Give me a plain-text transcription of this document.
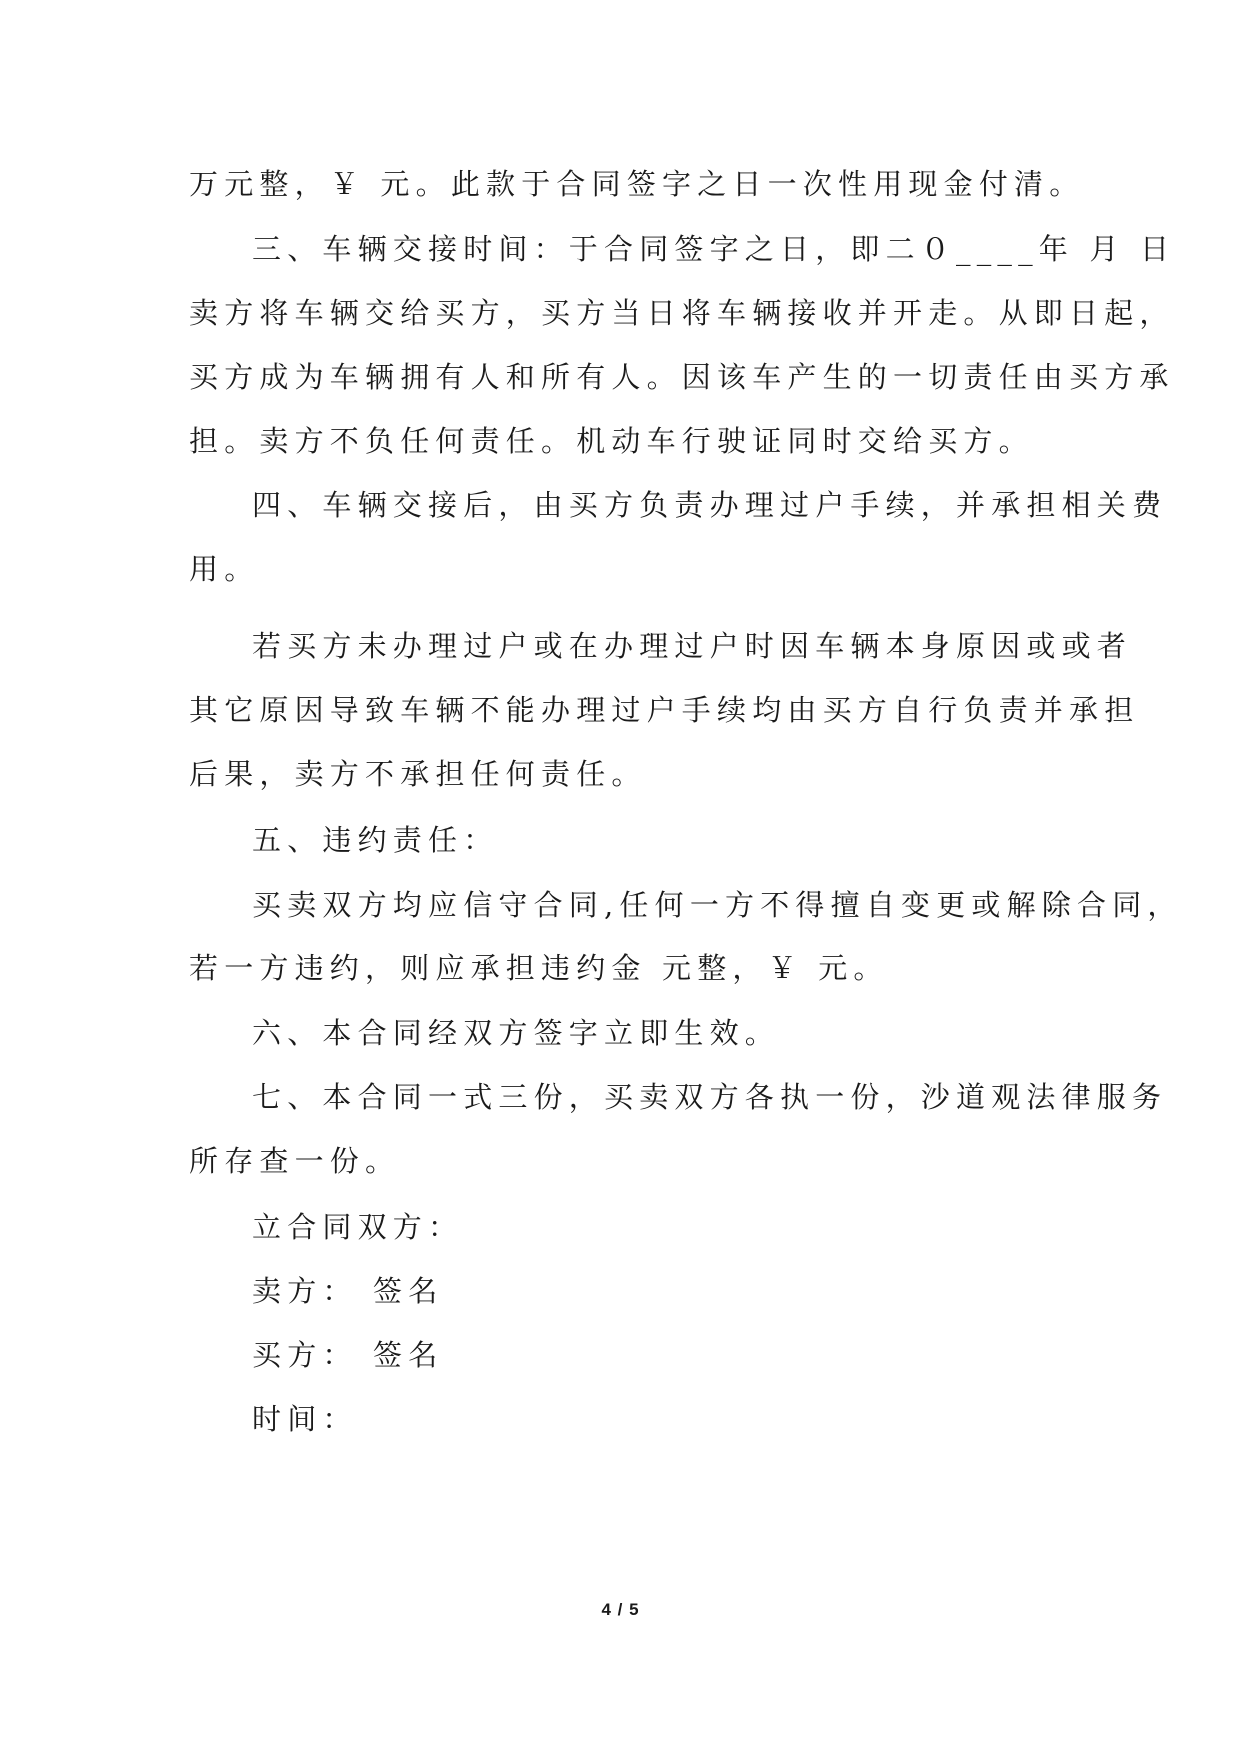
万元整，￥ 元。此款于合同签字之日一次性用现金付清。
三、车辆交接时间：于合同签字之日，即二０____年 月 日
卖方将车辆交给买方，买方当日将车辆接收并开走。从即日起，
买方成为车辆拥有人和所有人。因该车产生的一切责任由买方承
担。卖方不负任何责任。机动车行驶证同时交给买方。
四、车辆交接后，由买方负责办理过户手续，并承担相关费
用。
若买方未办理过户或在办理过户时因车辆本身原因或或者
其它原因导致车辆不能办理过户手续均由买方自行负责并承担
后果，卖方不承担任何责任。
五、违约责任：
买卖双方均应信守合同,任何一方不得擅自变更或解除合同，
若一方违约，则应承担违约金 元整，￥ 元。
六、本合同经双方签字立即生效。
七、本合同一式三份，买卖双方各执一份，沙道观法律服务
所存查一份。
立合同双方：
卖方： 签名
买方： 签名
时间：
4 / 5
